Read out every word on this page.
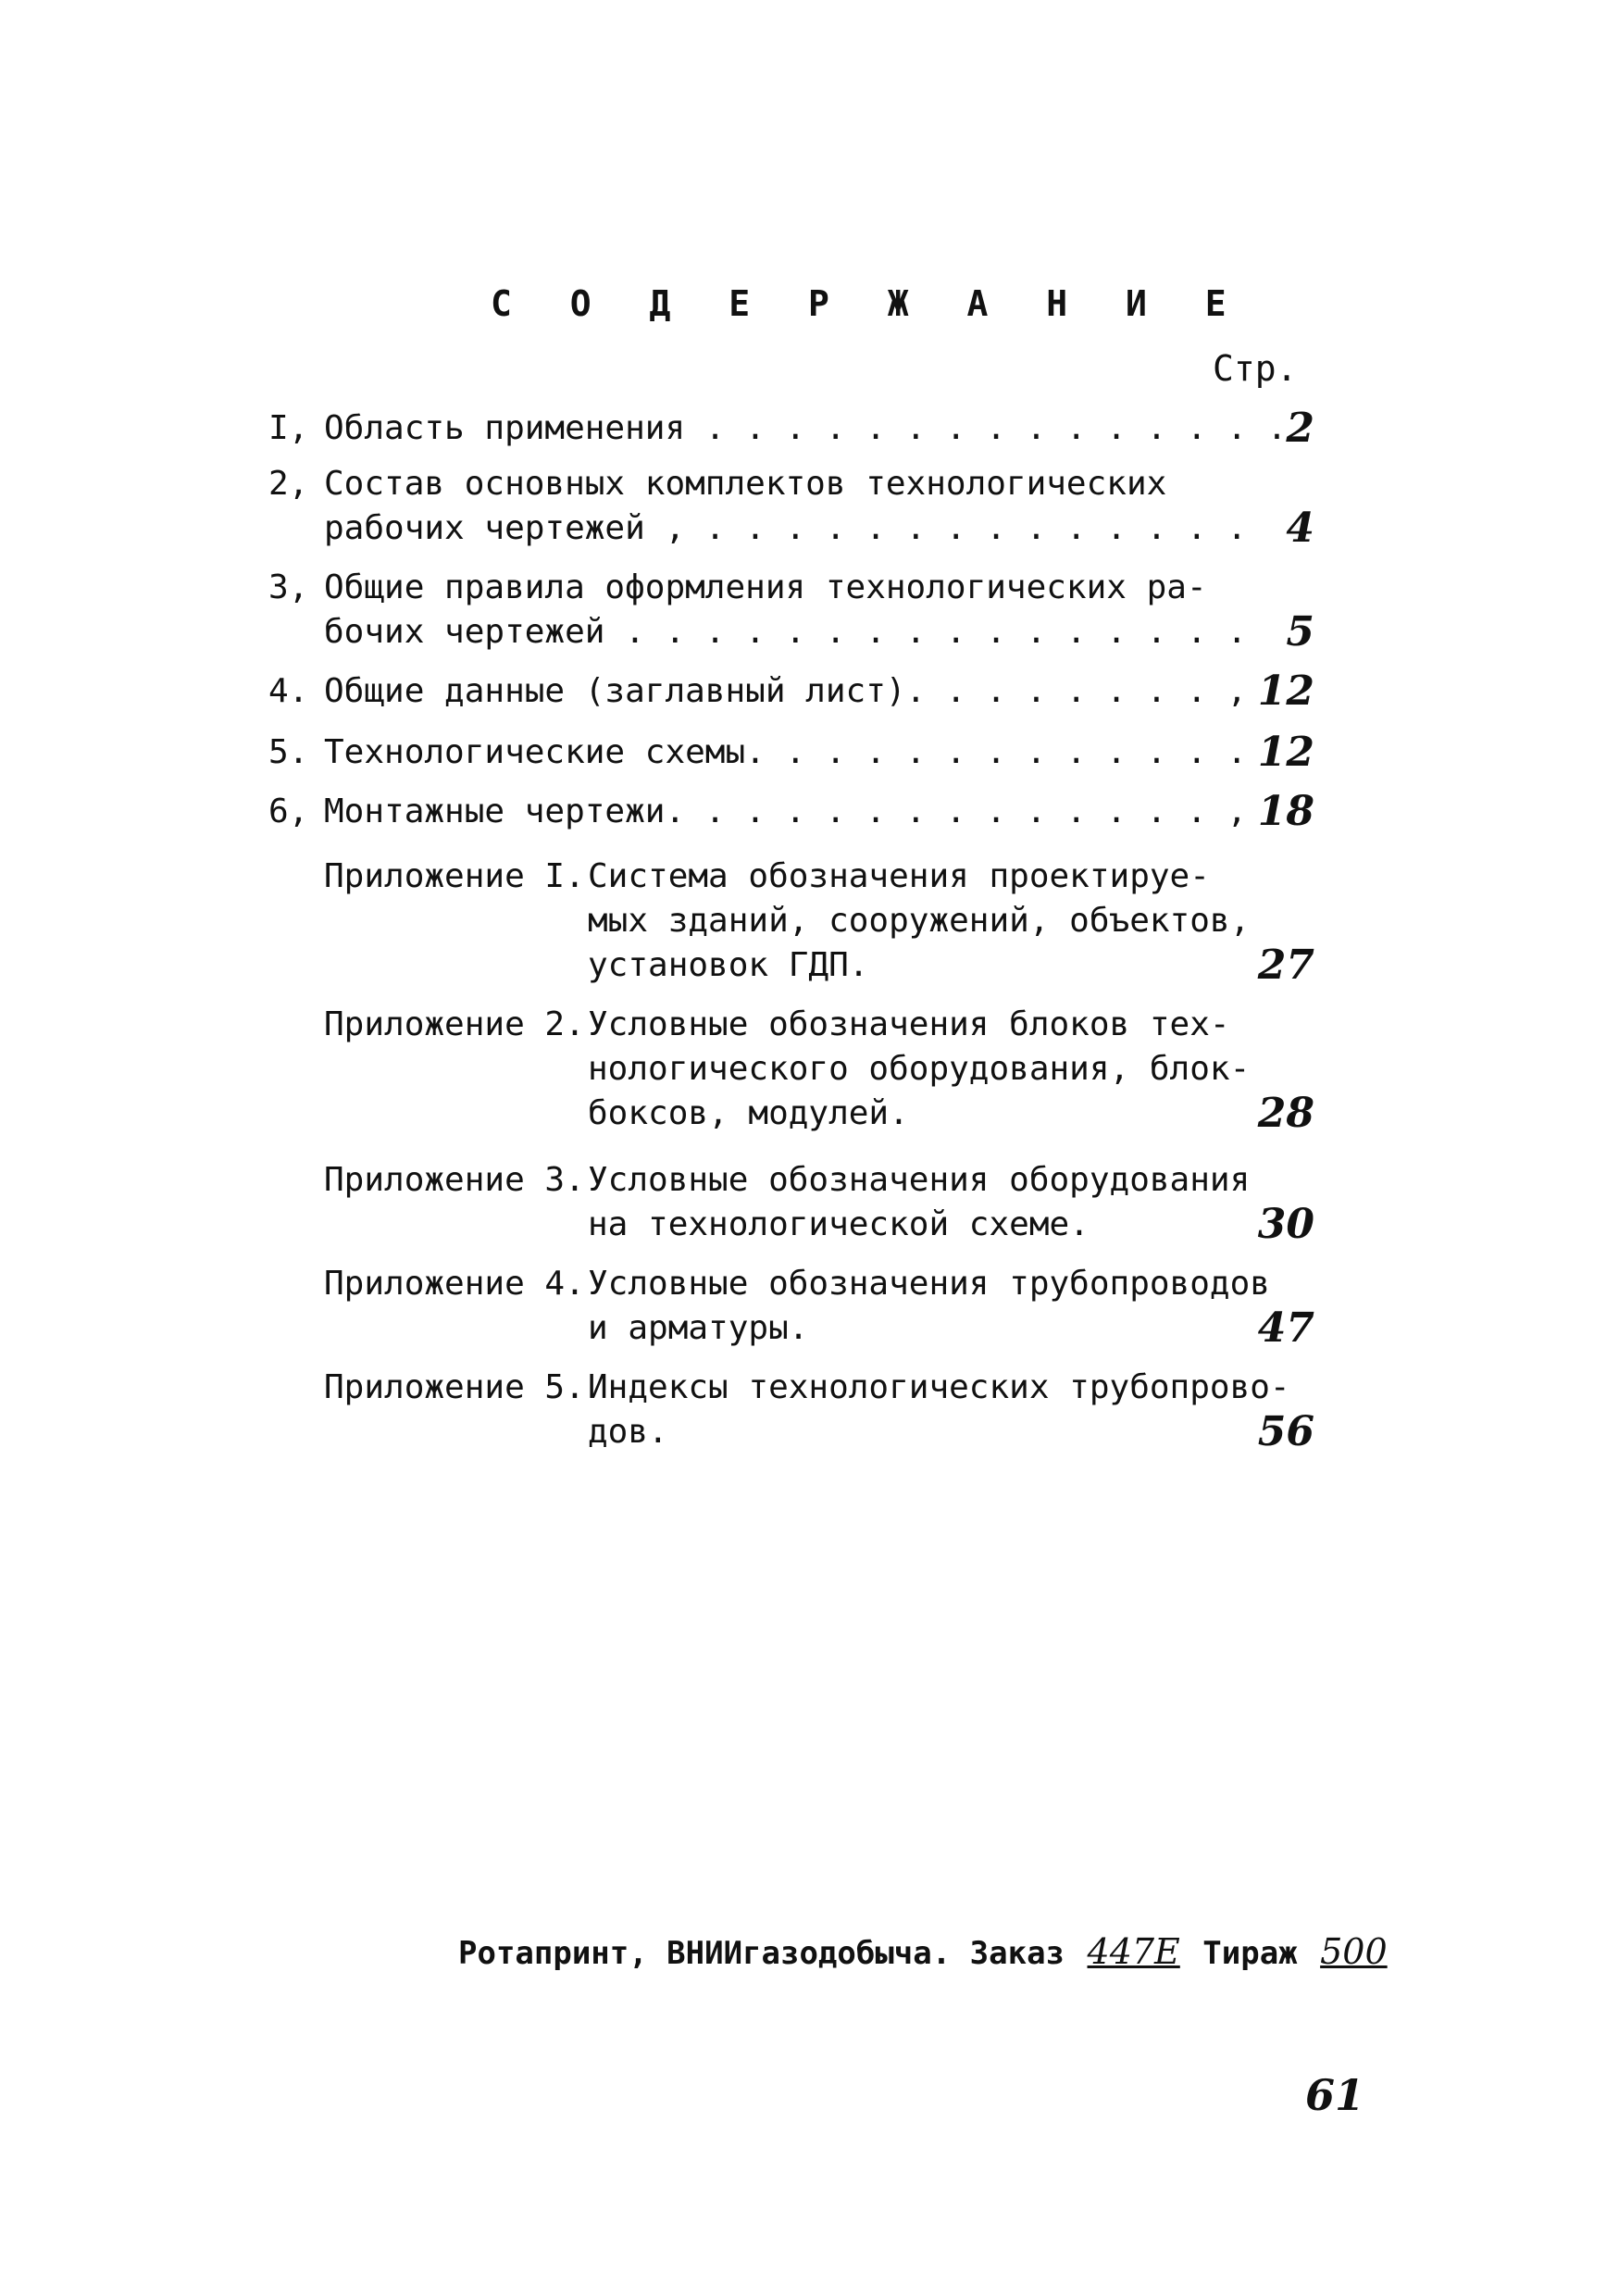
С О Д Е Р Ж А Н И Е
Стр.
I, Область применения . . . . . . . . . . . . . . . 2
2, Состав основных комплектов технологических
рабочих чертежей , . . . . . . . . . . . . . . 4
3, Общие правила оформления технологических ра-
бочих чертежей . . . . . . . . . . . . . . . . 5
4. Общие данные (заглавный лист). . . . . . . . , 12
5. Технологические схемы. . . . . . . . . . . . . 12
6, Монтажные чертежи. . . . . . . . . . . . . . , 18
Приложение I. Система обозначения проектируе-
мых зданий, сооружений, объектов,
установок ГДП.	27
Приложение 2. Условные обозначения блоков тех-
нологического оборудования, блок-
боксов, модулей.	28
Приложение 3. Условные обозначения оборудования
на технологической схеме.	30
Приложение 4. Условные обозначения трубопроводов
и арматуры.	47
Приложение 5. Индексы технологических трубопрово-
дов.	56
Ротапринт, ВНИИгазодобыча. Заказ 447Е Тираж 500
61
